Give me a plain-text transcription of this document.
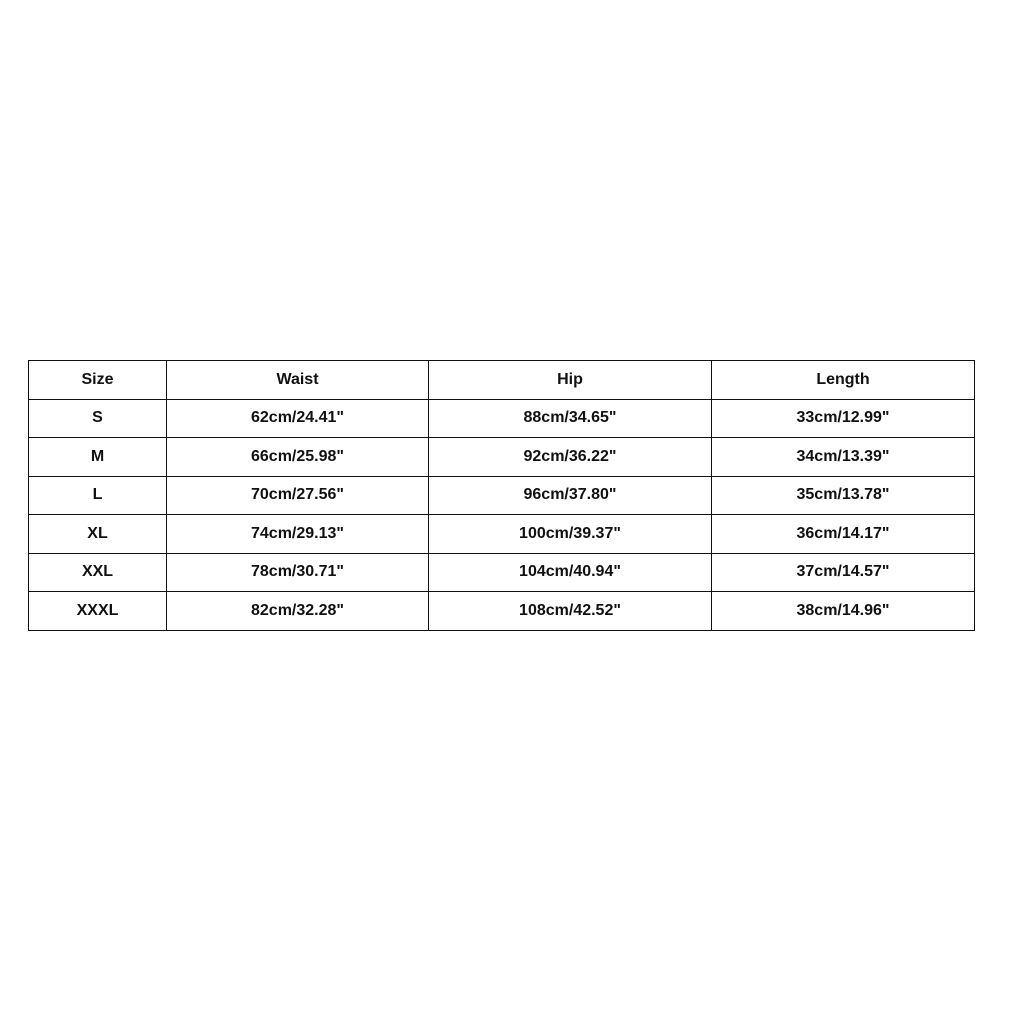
Size	Waist	Hip	Length
S	62cm/24.41"	88cm/34.65"	33cm/12.99"
M	66cm/25.98"	92cm/36.22"	34cm/13.39"
L	70cm/27.56"	96cm/37.80"	35cm/13.78"
XL	74cm/29.13"	100cm/39.37"	36cm/14.17"
XXL	78cm/30.71"	104cm/40.94"	37cm/14.57"
XXXL	82cm/32.28"	108cm/42.52"	38cm/14.96"
